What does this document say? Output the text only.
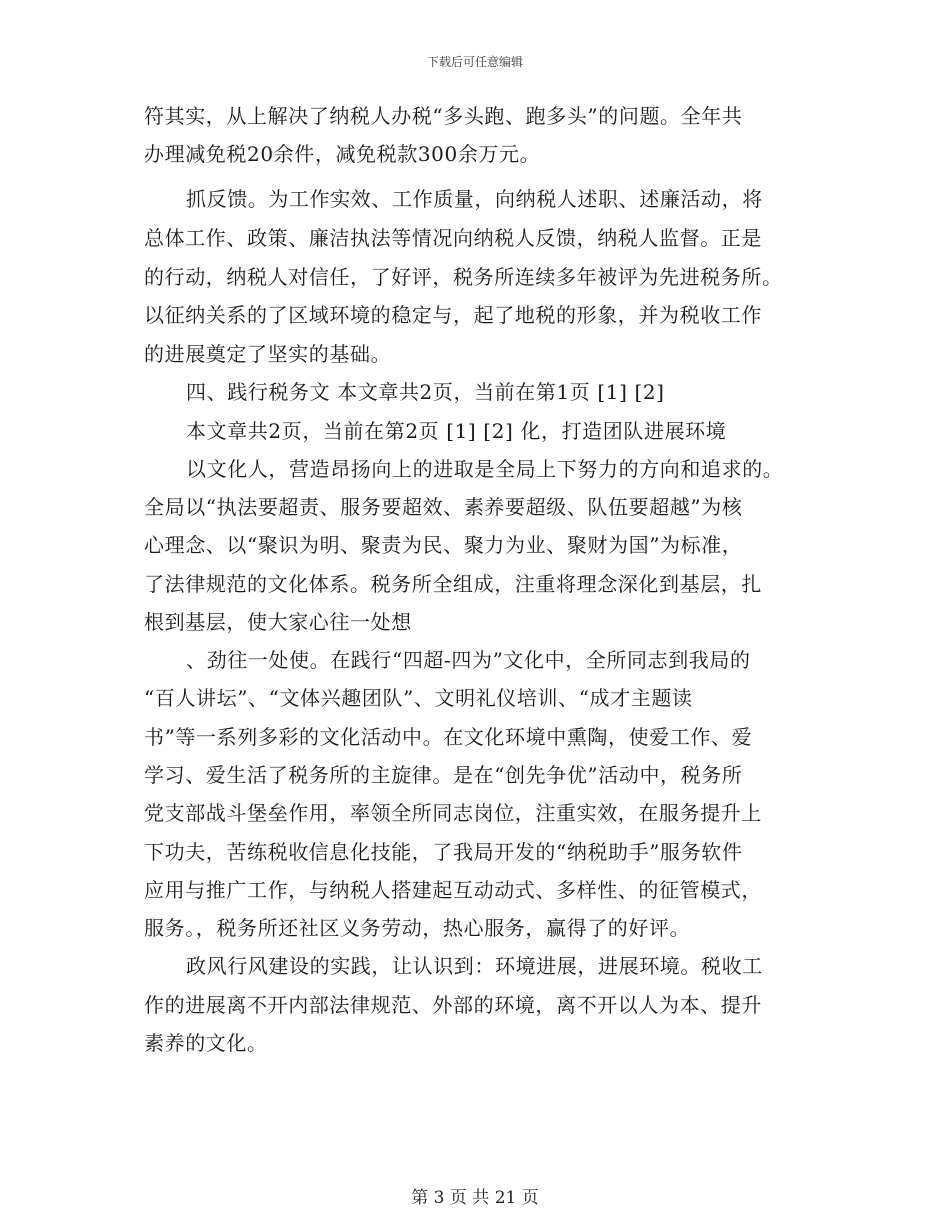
下载后可任意编辑
符其实，从上解决了纳税人办税“多头跑、跑多头”的问题。全年共
办理减免税20余件，减免税款300余万元。
抓反馈。为工作实效、工作质量，向纳税人述职、述廉活动，将
总体工作、政策、廉洁执法等情况向纳税人反馈，纳税人监督。正是
的行动，纳税人对信任，了好评，税务所连续多年被评为先进税务所。
以征纳关系的了区域环境的稳定与，起了地税的形象，并为税收工作
的进展奠定了坚实的基础。
四、践行税务文 本文章共2页，当前在第1页 [1] [2]
本文章共2页，当前在第2页 [1] [2] 化，打造团队进展环境
以文化人，营造昂扬向上的进取是全局上下努力的方向和追求的。
全局以“执法要超责、服务要超效、素养要超级、队伍要超越”为核
心理念、以“聚识为明、聚责为民、聚力为业、聚财为国”为标准，
了法律规范的文化体系。税务所全组成，注重将理念深化到基层，扎
根到基层，使大家心往一处想
、劲往一处使。在践行“四超-四为”文化中，全所同志到我局的
“百人讲坛”、“文体兴趣团队”、文明礼仪培训、“成才主题读
书”等一系列多彩的文化活动中。在文化环境中熏陶，使爱工作、爱
学习、爱生活了税务所的主旋律。是在“创先争优”活动中，税务所
党支部战斗堡垒作用，率领全所同志岗位，注重实效，在服务提升上
下功夫，苦练税收信息化技能，了我局开发的“纳税助手”服务软件
应用与推广工作，与纳税人搭建起互动动式、多样性、的征管模式，
服务。，税务所还社区义务劳动，热心服务，赢得了的好评。
政风行风建设的实践，让认识到：环境进展，进展环境。税收工
作的进展离不开内部法律规范、外部的环境，离不开以人为本、提升
素养的文化。
第 3 页 共 21 页
